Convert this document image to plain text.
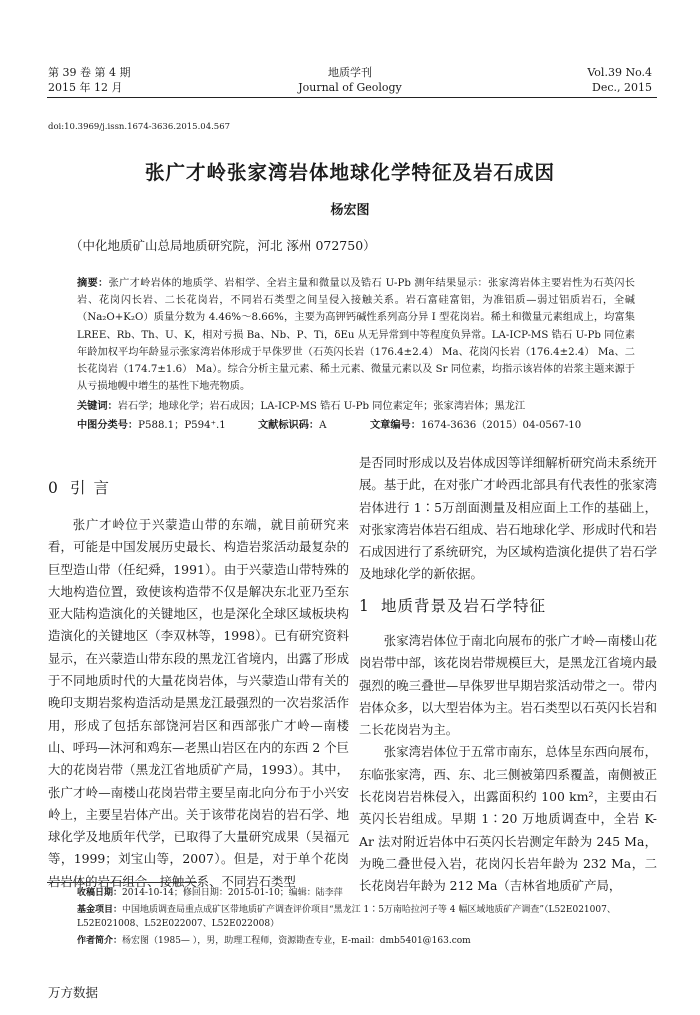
第 39 卷 第 4 期
2015 年 12 月
地质学刊
Journal of Geology
Vol.39 No.4
Dec., 2015
doi:10.3969/j.issn.1674-3636.2015.04.567
张广才岭张家湾岩体地球化学特征及岩石成因
杨宏图
（中化地质矿山总局地质研究院，河北 涿州 072750）
摘要：张广才岭岩体的地质学、岩相学、全岩主量和微量以及锆石 U-Pb 测年结果显示：张家湾岩体主要岩性为石英闪长岩、花岗闪长岩、二长花岗岩，不同岩石类型之间呈侵入接触关系。岩石富硅富铝，为准铝质—弱过铝质岩石，全碱（Na₂O+K₂O）质量分数为 4.46%～8.66%，主要为高钾钙碱性系列高分异 I 型花岗岩。稀土和微量元素组成上，均富集 LREE、Rb、Th、U、K，相对亏损 Ba、Nb、P、Ti，δEu 从无异常到中等程度负异常。LA-ICP-MS 锆石 U-Pb 同位素年龄加权平均年龄显示张家湾岩体形成于早侏罗世（石英闪长岩（176.4±2.4） Ma、花岗闪长岩（176.4±2.4） Ma、二长花岗岩（174.7±1.6） Ma）。综合分析主量元素、稀土元素、微量元素以及 Sr 同位素，均指示该岩体的岩浆主题来源于从亏损地幔中增生的基性下地壳物质。
关键词：岩石学；地球化学；岩石成因；LA-ICP-MS 锆石 U-Pb 同位素定年；张家湾岩体；黑龙江
中图分类号：P588.1；P594⁺.1	文献标识码：A	文章编号：1674-3636（2015）04-0567-10
0 引言

张广才岭位于兴蒙造山带的东端，就目前研究来看，可能是中国发展历史最长、构造岩浆活动最复杂的巨型造山带（任纪舜，1991）。由于兴蒙造山带特殊的大地构造位置，致使该构造带不仅是解决东北亚乃至东亚大陆构造演化的关键地区，也是深化全球区域板块构造演化的关键地区（李双林等，1998）。已有研究资料显示，在兴蒙造山带东段的黑龙江省境内，出露了形成于不同地质时代的大量花岗岩体，与兴蒙造山带有关的晚印支期岩浆构造活动是黑龙江最强烈的一次岩浆活作用，形成了包括东部饶河岩区和西部张广才岭—南楼山、呼玛—沐河和鸡东—老黑山岩区在内的东西 2 个巨大的花岗岩带（黑龙江省地质矿产局，1993）。其中，张广才岭—南楼山花岗岩带主要呈南北向分布于小兴安岭上，主要呈岩体产出。关于该带花岗岩的岩石学、地球化学及地质年代学，已取得了大量研究成果（吴福元等，1999；刘宝山等，2007）。但是，对于单个花岗岩岩体的岩石组合、接触关系、不同岩石类型

是否同时形成以及岩体成因等详细解析研究尚未系统开展。基于此，在对张广才岭西北部具有代表性的张家湾岩体进行 1∶5万剖面测量及相应面上工作的基础上，对张家湾岩体岩石组成、岩石地球化学、形成时代和岩石成因进行了系统研究，为区域构造演化提供了岩石学及地球化学的新依据。

1 地质背景及岩石学特征

张家湾岩体位于南北向展布的张广才岭—南楼山花岗岩带中部，该花岗岩带规模巨大，是黑龙江省境内最强烈的晚三叠世—早侏罗世早期岩浆活动带之一。带内岩体众多，以大型岩体为主。岩石类型以石英闪长岩和二长花岗岩为主。

张家湾岩体位于五常市南东，总体呈东西向展布，东临张家湾，西、东、北三侧被第四系覆盖，南侧被正长花岗岩岩株侵入，出露面积约 100 km²，主要由石英闪长岩组成。早期 1∶20 万地质调查中，全岩 K-Ar 法对附近岩体中石英闪长岩测定年龄为 245 Ma，为晚二叠世侵入岩，花岗闪长岩年龄为 232 Ma，二长花岗岩年龄为 212 Ma（吉林省地质矿产局，

收稿日期：2014-10-14；修回日期：2015-01-10；编辑：陆李萍
基金项目：中国地质调查局重点成矿区带地质矿产调查评价项目“黑龙江 1∶5万南哈拉河子等 4 幅区域地质矿产调查”（L52E021007、L52E021008、L52E022007、L52E022008）
作者简介：杨宏图（1985— ），男，助理工程师，资源勘查专业，E-mail：dmb5401@163.com
万方数据
